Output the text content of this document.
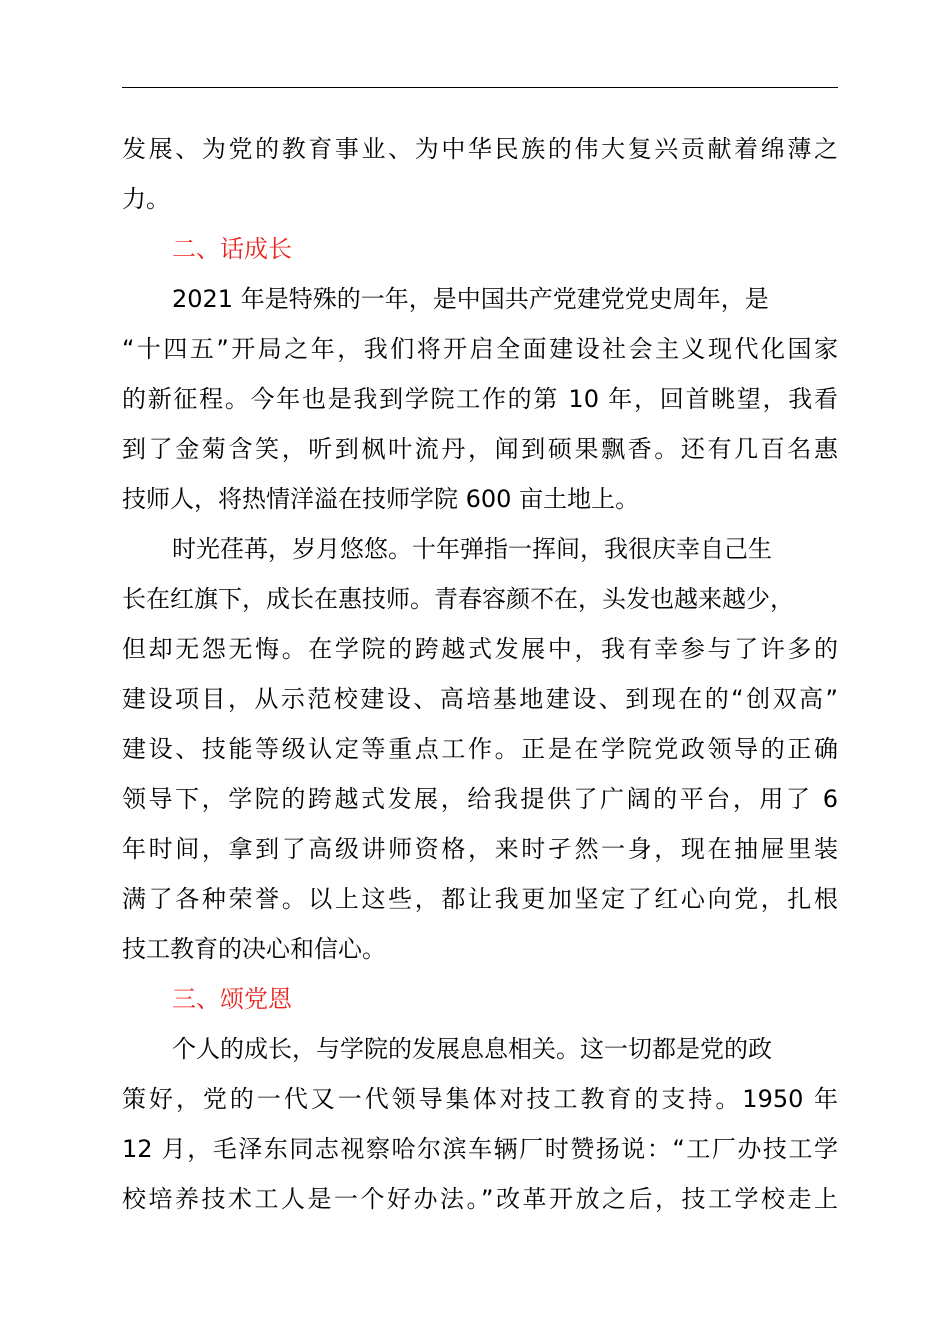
发展、为党的教育事业、为中华民族的伟大复兴贡献着绵薄之
力。
二、话成长
2021 年是特殊的一年，是中国共产党建党党史周年，是
“十四五”开局之年，我们将开启全面建设社会主义现代化国家
的新征程。今年也是我到学院工作的第 10 年，回首眺望，我看
到了金菊含笑，听到枫叶流丹，闻到硕果飘香。还有几百名惠
技师人，将热情洋溢在技师学院 600 亩土地上。
时光荏苒，岁月悠悠。十年弹指一挥间，我很庆幸自己生
长在红旗下，成长在惠技师。青春容颜不在，头发也越来越少，
但却无怨无悔。在学院的跨越式发展中，我有幸参与了许多的
建设项目，从示范校建设、高培基地建设、到现在的“创双高”
建设、技能等级认定等重点工作。正是在学院党政领导的正确
领导下，学院的跨越式发展，给我提供了广阔的平台，用了 6
年时间，拿到了高级讲师资格，来时孑然一身，现在抽屉里装
满了各种荣誉。以上这些，都让我更加坚定了红心向党，扎根
技工教育的决心和信心。
三、颂党恩
个人的成长，与学院的发展息息相关。这一切都是党的政
策好，党的一代又一代领导集体对技工教育的支持。1950 年
12 月，毛泽东同志视察哈尔滨车辆厂时赞扬说：“工厂办技工学
校培养技术工人是一个好办法。”改革开放之后，技工学校走上
